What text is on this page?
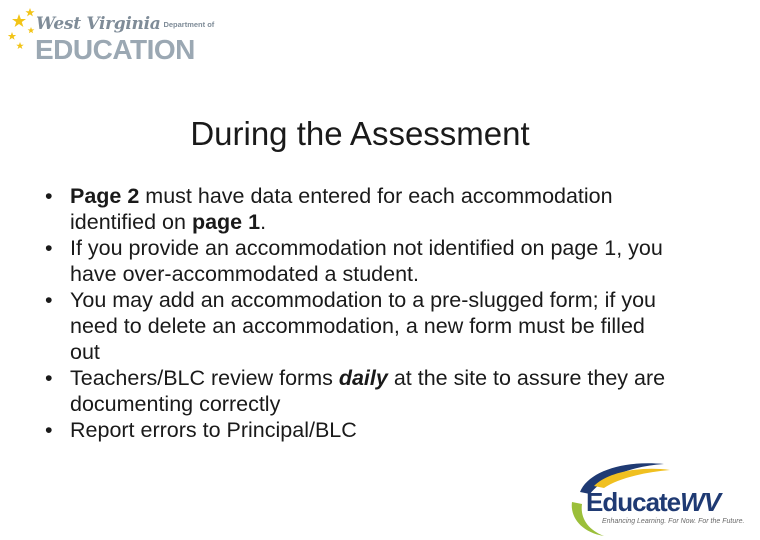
West Virginia Department of
EDUCATION
During the Assessment
• Page 2 must have data entered for each accommodation identified on page 1.
• If you provide an accommodation not identified on page 1, you have over-accommodated a student.
• You may add an accommodation to a pre-slugged form; if you need to delete an accommodation, a new form must be filled out
• Teachers/BLC review forms daily at the site to assure they are documenting correctly
• Report errors to Principal/BLC
EducateWV
Enhancing Learning. For Now. For the Future.
